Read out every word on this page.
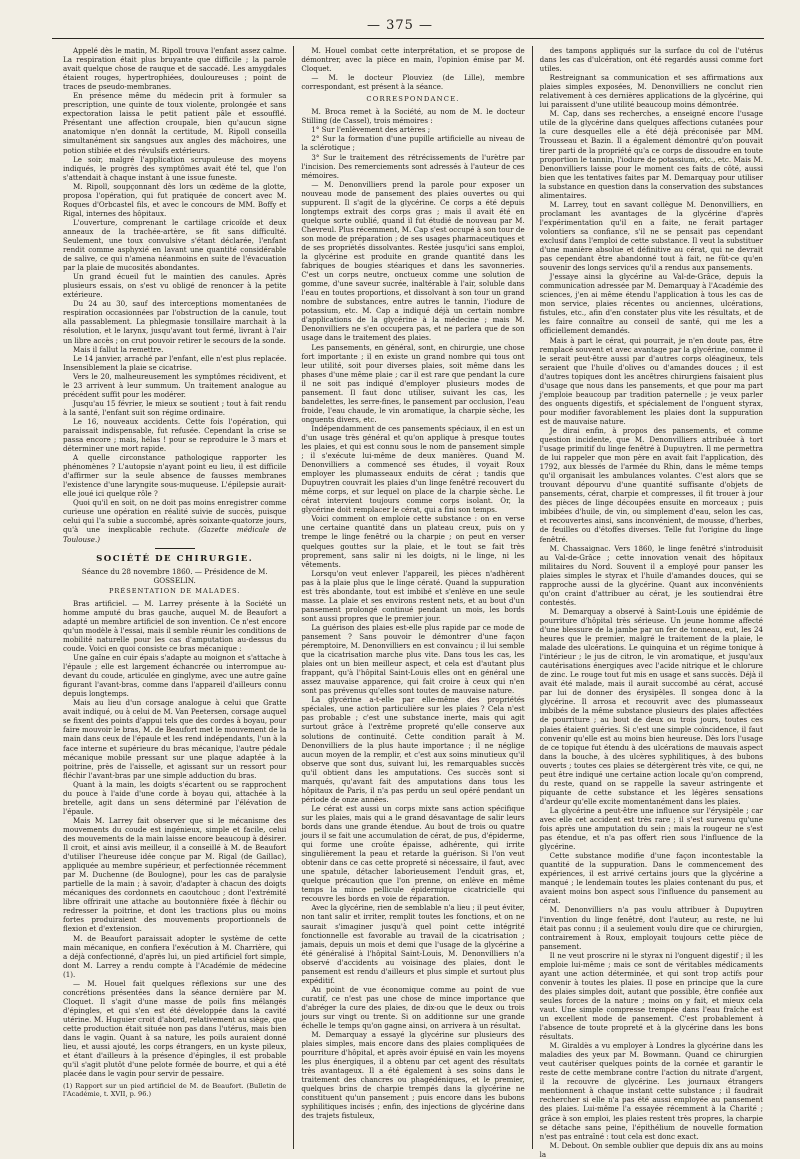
— 375 —

Appelé dès le matin, M. Ripoll trouva l'enfant assez calme. La respiration était plus bruyante que difficile ; la parole avait quelque chose de rauque et de saccadé. Les amygdales étaient rouges, hypertrophiées, douloureuses ; point de traces de pseudo-membranes.

En présence même du médecin prit à formuler sa prescription, une quinte de toux violente, prolongée et sans expectoration laissa le petit patient pâle et essoufflé. Présentant une affection croupale, bien qu'aucun signe anatomique n'en donnât la certitude, M. Ripoll conseilla simultanément six sangsues aux angles des mâchoires, une potion stibiée et des révulsifs extérieurs.

Le soir, malgré l'application scrupuleuse des moyens indiqués, le progrès des symptômes avait été tel, que l'on s'attendait à chaque instant à une issue funeste.

M. Ripoll, soupçonnant dès lors un œdème de la glotte, proposa l'opération, qui fut pratiquée de concert avec M. Roques d'Orbcastel fils, et avec le concours de MM. Boffy et Rigal, internes des hôpitaux.

L'ouverture, comprenant le cartilage cricoïde et deux anneaux de la trachée-artère, se fit sans difficulté. Seulement, une toux convulsive s'étant déclarée, l'enfant rendit comme asphyxié en lavant une quantité considérable de salive, ce qui n'amena néanmoins en suite de l'évacuation par la plaie de mucosités abondantes.

Un grand écueil fut le maintien des canules. Après plusieurs essais, on s'est vu obligé de renoncer à la petite extérieure.

Du 24 au 30, sauf des interceptions momentanées de respiration occasionnées par l'obstruction de la canule, tout alla passablement. La phlegmasie tonsillaire marchait à la résolution, et le larynx, jusqu'avant tout fermé, livrant à l'air un libre accès ; on crut pouvoir retirer le secours de la sonde.

Mais il fallut la remettre.

Le 14 janvier, arraché par l'enfant, elle n'est plus replacée. Insensiblement la plaie se cicatrise.

Vers le 20, malheureusement les symptômes récidivent, et le 23 arrivent à leur summum. Un traitement analogue au précédent suffit pour les modérer.

Jusqu'au 15 février, le mieux se soutient ; tout à fait rendu à la santé, l'enfant suit son régime ordinaire.

Le 16, nouveaux accidents. Cette fois l'opération, qui paraissait indispensable, fut refusée. Cependant la crise se passa encore ; mais, hélas ! pour se reproduire le 3 mars et déterminer une mort rapide.

A quelle circonstance pathologique rapporter les phénomènes ? L'autopsie n'ayant point eu lieu, il est difficile d'affirmer sur la seule absence de fausses membranes l'existence d'une laryngite sous-muqueuse. L'épilepsie aurait-elle joué ici quelque rôle ?

Quoi qu'il en soit, on ne doit pas moins enregistrer comme curieuse une opération en réalité suivie de succès, puisque celui qui l'a subie a succombé, après soixante-quatorze jours, qu'à une inexplicable rechute. (Gazette médicale de Toulouse.)

SOCIÉTÉ DE CHIRURGIE.
Séance du 28 novembre 1860. — Présidence de M. GOSSELIN.
PRÉSENTATION DE MALADES.

Bras artificiel. — M. Larrey présente à la Société un homme amputé du bras gauche, auquel M. de Beaufort a adapté un membre artificiel de son invention. Ce n'est encore qu'un modèle à l'essai, mais il semble réunir les conditions de mobilité naturelle pour les cas d'amputation au-dessus du coude. Voici en quoi consiste ce bras mécanique :

Une gaîne en cuir épais s'adapte au moignon et s'attache à l'épaule ; elle est largement échancrée ou interrompue au-devant du coude, articulée en ginglyme, avec une autre gaîne figurant l'avant-bras, comme dans l'appareil d'ailleurs connu depuis longtemps.

Mais au lieu d'un corsage analogue à celui que Gratte avait indiqué, ou à celui de M. Van Peetersen, corsage auquel se fixent des points d'appui tels que des cordes à boyau, pour faire mouvoir le bras, M. de Beaufort met le mouvement de la main dans ceux de l'épaule et les rend indépendants, l'un à la face interne et supérieure du bras mécanique, l'autre pédale mécanique mobile pressant sur une plaque adaptée à la poitrine, près de l'aisselle, et agissant sur un ressort pour fléchir l'avant-bras par une simple adduction du bras.

Quant à la main, les doigts s'écartent ou se rapprochent du pouce à l'aide d'une corde à boyau qui, attachée à la bretelle, agit dans un sens déterminé par l'élévation de l'épaule.

Mais M. Larrey fait observer que si le mécanisme des mouvements du coude est ingénieux, simple et facile, celui des mouvements de la main laisse encore beaucoup à désirer. Il croit, et ainsi avis meilleur, il a conseillé à M. de Beaufort d'utiliser l'heureuse idée conçue par M. Rigal (de Gaillac), appliquée au membre supérieur, et perfectionnée récemment par M. Duchenne (de Boulogne), pour les cas de paralysie partielle de la main ; à savoir, d'adapter à chacun des doigts mécaniques des cordonnets en caoutchouc ; dont l'extrémité libre offrirait une attache au boutonnière fixée à fléchir ou redresser la poitrine, et dont les tractions plus ou moins fortes produiraient des mouvements proportionnels de flexion et d'extension.

M. de Beaufort paraissait adopter le système de cette main mécanique, en confiera l'exécution à M. Charrière, qui a déjà confectionné, d'après lui, un pied artificiel fort simple, dont M. Larrey a rendu compte à l'Académie de médecine (1).

— M. Houel fait quelques réflexions sur une des concrétions présentées dans la séance dernière par M. Cloquet. Il s'agit d'une masse de poils fins mélangés d'épingles, et qui s'en est été développée dans la cavité utérine. M. Huguier croit d'abord, relativement au siège, que cette production était située non pas dans l'utérus, mais bien dans le vagin. Quant à sa nature, les poils auraient donné lieu, et aussi ajouté, les corps étrangers, en un kyste pileux, et étant d'ailleurs à la présence d'épingles, il est probable qu'il s'agit plutôt d'une pelote formée de bourre, et qui a été placée dans le vagin pour servir de pessaire.

(1) Rapport sur un pied artificiel de M. de Beaufort. (Bulletin de l'Académie, t. XVII, p. 96.)

M. Houel combat cette interprétation, et se propose de démontrer, avec la pièce en main, l'opinion émise par M. Cloquet.

— M. le docteur Plouviez (de Lille), membre correspondant, est présent à la séance.

CORRESPONDANCE.

M. Broca remet à la Société, au nom de M. le docteur Stilling (de Cassel), trois mémoires :

1° Sur l'enlèvement des artères ;

2° Sur la formation d'une pupille artificielle au niveau de la sclérotique ;

3° Sur le traitement des rétrécissements de l'urètre par l'incision. Des remerciements sont adressés à l'auteur de ces mémoires.

— M. Denonvilliers prend la parole pour exposer un nouveau mode de pansement des plaies ouvertes ou qui suppurent. Il s'agit de la glycérine. Ce corps a été depuis longtemps extrait des corps gras ; mais il avait été en quelque sorte oublié, quand il fut étudié de nouveau par M. Chevreul. Plus récemment, M. Cap s'est occupé à son tour de son mode de préparation ; de ses usages pharmaceutiques et de ses propriétés dissolvantes. Restée jusqu'ici sans emploi, la glycérine est produite en grande quantité dans les fabriques de bougies stéariques et dans les savonneries. C'est un corps neutre, onctueux comme une solution de gomme, d'une saveur sucrée, inaltérable à l'air, soluble dans l'eau en toutes proportions, et dissolvant à son tour un grand nombre de substances, entre autres le tannin, l'iodure de potassium, etc. M. Cap a indiqué déjà un certain nombre d'applications de la glycérine à la médecine ; mais M. Denonvilliers ne s'en occupera pas, et ne parlera que de son usage dans le traitement des plaies.

Les pansements, en général, sont, en chirurgie, une chose fort importante ; il en existe un grand nombre qui tous ont leur utilité, soit pour diverses plaies, soit même dans les phases d'une même plaie ; car il est rare que pendant la cure il ne soit pas indiqué d'employer plusieurs modes de pansement. Il faut donc utiliser, suivant les cas, les bandelettes, les serre-fines, le pansement par occlusion, l'eau froide, l'eau chaude, le vin aromatique, la charpie sèche, les onguents divers, etc.

Indépendamment de ces pansements spéciaux, il en est un d'un usage très général et qu'on applique à presque toutes les plaies, et qui est connu sous le nom de pansement simple ; il s'exécute lui-même de deux manières. Quand M. Denonvilliers a commencé ses études, il voyait Roux employer les plumasseaux enduits de cérat ; tandis que Dupuytren couvrait les plaies d'un linge fenêtré recouvert du même corps, et sur lequel on place de la charpie sèche. Le cérat intervient toujours comme corps isolant. Or, la glycérine doit remplacer le cérat, qui a fini son temps.

Voici comment on emploie cette substance : on en verse une certaine quantité dans un plateau creux, puis on y trempe le linge fenêtré ou la charpie ; on peut en verser quelques gouttes sur la plaie, et le tout se fait très proprement, sans salir ni les doigts, ni le linge, ni les vêtements.

Lorsqu'on veut enlever l'appareil, les pièces n'adhèrent pas à la plaie plus que le linge cératé. Quand la suppuration est très abondante, tout est imbibé et s'enlève en une seule masse. La plaie et ses environs restent nets, et au bout d'un pansement prolongé continué pendant un mois, les bords sont aussi propres que le premier jour.

La guérison des plaies est-elle plus rapide par ce mode de pansement ? Sans pouvoir le démontrer d'une façon péremptoire, M. Denonvilliers en est convaincu ; il lui semble que la cicatrisation marche plus vite. Dans tous les cas, les plaies ont un bien meilleur aspect, et cela est d'autant plus frappant, qu'à l'hôpital Saint-Louis elles ont en général une assez mauvaise apparence, qui fait croire à ceux qui n'en sont pas prévenus qu'elles sont toutes de mauvaise nature.

La glycérine a-t-elle par elle-même des propriétés spéciales, une action particulière sur les plaies ? Cela n'est pas probable ; c'est une substance inerte, mais qui agit surtout grâce à l'extrême propreté qu'elle conserve aux solutions de continuité. Cette condition paraît à M. Denonvilliers de la plus haute importance ; il ne néglige aucun moyen de la remplir, et c'est aux soins minutieux qu'il observe que sont dus, suivant lui, les remarquables succès qu'il obtient dans les amputations. Ces succès sont si marqués, qu'avant fait des amputations dans tous les hôpitaux de Paris, il n'a pas perdu un seul opéré pendant un période de onze années.

Le cérat est aussi un corps mixte sans action spécifique sur les plaies, mais qui a le grand désavantage de salir leurs bords dans une grande étendue. Au bout de trois ou quatre jours il se fait une accumulation de cérat, de pus, d'épiderme, qui forme une croûte épaisse, adhérente, qui irrite singulièrement la peau et retarde la guérison. Si l'on veut obtenir dans ce cas cette propreté si nécessaire, il faut, avec une spatule, détacher laborieusement l'enduit gras, et, quelque précaution que l'on prenne, on enlève en même temps la mince pellicule épidermique cicatricielle qui recouvre les bords en voie de réparation.

Avec la glycérine, rien de semblable n'a lieu ; il peut éviter, non tant salir et irriter, remplit toutes les fonctions, et on ne saurait s'imaginer jusqu'à quel point cette intégrité fonctionnelle est favorable au travail de la cicatrisation ; jamais, depuis un mois et demi que l'usage de la glycérine a été généralisé à l'hôpital Saint-Louis, M. Denonvilliers n'a observé d'accidents au voisinage des plaies, dont le pansement est rendu d'ailleurs et plus simple et surtout plus expéditif.

Au point de vue économique comme au point de vue curatif, ce n'est pas une chose de mince importance que d'abréger la cure des plaies, de dix-ou que le deux ou trois jours sur vingt ou trente. Si on additionne sur une grande échelle le temps qu'on gagne ainsi, on arrivera à un résultat.

M. Demarquay a essayé la glycérine sur plusieurs des plaies simples, mais encore dans des plaies compliquées de pourriture d'hôpital, et après avoir épuisé en vain les moyens les plus énergiques, il a obtenu par cet agent des résultats très avantageux. Il a été également à ses soins dans le traitement des chancres ou phagédéniques, et le premier, quelques brins de charpie trempés dans la glycérine ne constituent qu'un pansement ; puis encore dans les bubons syphilitiques incisés ; enfin, des injections de glycérine dans des trajets fistuleux,

des tampons appliqués sur la surface du col de l'utérus dans les cas d'ulcération, ont été regardés aussi comme fort utiles.

Restreignant sa communication et ses affirmations aux plaies simples exposées, M. Denonvilliers ne conclut rien relativement à ces dernières applications de la glycérine, qui lui paraissent d'une utilité beaucoup moins démontrée.

M. Cap, dans ses recherches, a enseigné encore l'usage utile de la glycérine dans quelques affections cutanées pour la cure desquelles elle a été déjà préconisée par MM. Trousseau et Bazin. Il a également démontré qu'on pouvait tirer parti de la propriété qu'a ce corps de dissoudre en toute proportion le tannin, l'iodure de potassium, etc., etc. Mais M. Denonvilliers laisse pour le moment ces faits de côté, aussi bien que les tentatives faites par M. Demarquay pour utiliser la substance en question dans la conservation des substances alimentaires.

M. Larrey, tout en savant collègue M. Denonvilliers, en proclamant les avantages de la glycérine d'après l'expérimentation qu'il en a faite, ne ferait partager volontiers sa confiance, s'il ne se pensait pas cependant exclusif dans l'emploi de cette substance. Il veut la substituer d'une manière absolue et définitive au cérat, qui ne devrait pas cependant être abandonné tout à fait, ne fût-ce qu'en souvenir des longs services qu'il a rendus aux pansements.

J'essaye ainsi la glycérine au Val-de-Grâce, depuis la communication adressée par M. Demarquay à l'Académie des sciences, j'en ai même étendu l'application à tous les cas de mon service, plaies récentes ou anciennes, ulcérations, fistules, etc., afin d'en constater plus vite les résultats, et de les faire connaître au conseil de santé, qui me les a officiellement demandés.

Mais à part le cérat, qui pourrait, je n'en doute pas, être remplacé souvent et avec avantage par la glycérine, comme il le serait peut-être aussi par d'autres corps oléagineux, tels seraient que l'huile d'olives ou d'amandes douces ; il est d'autres topiques dont les ancêtres chirurgiens faisaient plus d'usage que nous dans les pansements, et que pour ma part j'emploie beaucoup par tradition paternelle ; je veux parler des onguents digestifs, et spécialement de l'onguent styrax, pour modifier favorablement les plaies dont la suppuration est de mauvaise nature.

Je dirai enfin, à propos des pansements, et comme question incidente, que M. Denonvilliers attribuée à tort l'usage primitif du linge fenêtré à Dupuytren. Il me permettra de lui rappeler que mon père en avait fait l'application, dès 1792, aux blessés de l'armée du Rhin, dans le même temps qu'il organisait les ambulances volantes. C'est alors que se trouvant dépourvu d'une quantité suffisante d'objets de pansements, cérat, charpie et compresses, il fit trouer à jour des pièces de linge découpées ensuite en morceaux ; puis imbibées d'huile, de vin, ou simplement d'eau, selon les cas, et recouvertes ainsi, sans inconvénient, de mousse, d'herbes, de feuilles ou d'étoffes diverses. Telle fut l'origine du linge fenêtré.

M. Chassaignac. Vers 1860, le linge fenêtré s'introduisit au Val-de-Grâce ; cette innovation venait des hôpitaux militaires du Nord. Souvent il a employé pour panser les plaies simples le styrax et l'huile d'amandes douces, qui se rapproche aussi de la glycérine. Quant aux inconvénients qu'on craint d'attribuer au cérat, je les soutiendrai être contestés.

M. Demarquay a observé à Saint-Louis une épidémie de pourriture d'hôpital très sérieuse. Un jeune homme affecté d'une blessure de la jambe par un fer de tonneau, eut, les 24 heures que le premier, malgré le traitement de la plaie, le malade des ulcérations. Le quinquina et un régime tonique à l'intérieur ; le jus de citron, le vin aromatique, et jusqu'aux cautérisations énergiques avec l'acide nitrique et le chlorure de zinc. Le rouge tout fut mis en usage et sans succès. Déjà il avait été malade, mais il aurait succombé au cérat, accusé par lui de donner des érysipèles. Il songea donc à la glycérine. Il arrosa et recouvrit avec des plumasseaux imbibés de la même substance plusieurs des plaies affectées de pourriture ; au bout de deux ou trois jours, toutes ces plaies étaient guéries. Si c'est une simple coïncidence, il faut convenir qu'elle est au moins bien heureuse. Dès lors l'usage de ce topique fut étendu à des ulcérations de mauvais aspect dans la bouche, à des ulcères syphilitiques, à des bubons ouverts ; toutes ces plaies se détergèrent très vite, ce qui, ne peut être indiqué une certaine action locale qu'on comprend, du reste, quand on se rappelle la saveur astringente et piquante de cette substance et les légères sensations d'ardeur qu'elle excite momentanément dans les plaies.

La glycérine a peut-être une influence sur l'érysipèle ; car avec elle cet accident est très rare ; il s'est survenu qu'une fois après une amputation du sein ; mais la rougeur ne s'est pas étendue, et n'a pas offert rien sous l'influence de la glycérine.

Cette substance modifie d'une façon incontestable la quantité de la suppuration. Dans le commencement des expériences, il est arrivé certains jours que la glycérine a manqué ; le lendemain toutes les plaies contenant du pus, et avaient moins bon aspect sous l'influence du pansement au cérat.

M. Denonvilliers n'a pas voulu attribuer à Dupuytren l'invention du linge fenêtré, dont l'auteur, au reste, ne lui était pas connu ; il a seulement voulu dire que ce chirurgien, contrairement à Roux, employait toujours cette pièce de pansement.

Il ne veut proscrire ni le styrax ni l'onguent digestif ; il les emploie lui-même ; mais ce sont de véritables médicaments ayant une action déterminée, et qui sont trop actifs pour convenir à toutes les plaies. Il pose en principe que la cure des plaies simples doit, autant que possible, être confiée aux seules forces de la nature ; moins on y fait, et mieux cela vaut. Une simple compresse trempée dans l'eau fraîche est un excellent mode de pansement. C'est probablement à l'absence de toute propreté et à la glycérine dans les bons résultats.

M. Giraldès a vu employer à Londres la glycérine dans les maladies des yeux par M. Bowmann. Quand ce chirurgien veut cautériser quelques points de la cornée et garantir le reste de cette membrane contre l'action du nitrate d'argent, il la recouvre de glycérine. Les journaux étrangers mentionnent à chaque instant cette substance ; il faudrait rechercher si elle n'a pas été aussi employée au pansement des plaies. Lui-même l'a essayée récemment à la Charité ; grâce à son emploi, les plaies restent très propres, la charpie se détache sans peine, l'épithélium de nouvelle formation n'est pas entraîné : tout cela est donc exact.

M. Debout. On semble oublier que depuis dix ans au moins la
